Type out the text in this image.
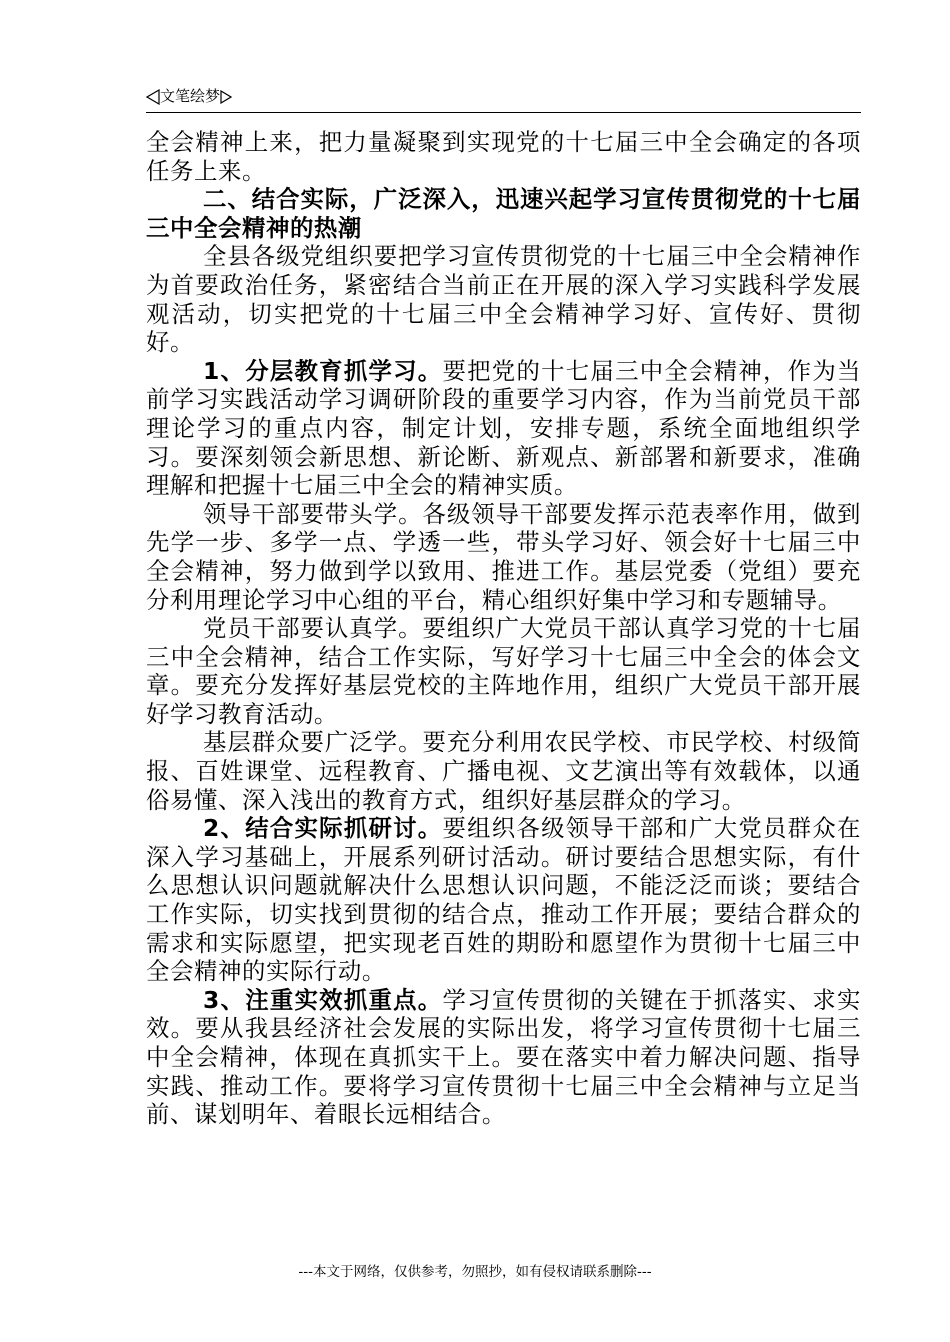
文笔绘梦

全会精神上来，把力量凝聚到实现党的十七届三中全会确定的各项任务上来。

二、结合实际，广泛深入，迅速兴起学习宣传贯彻党的十七届三中全会精神的热潮

全县各级党组织要把学习宣传贯彻党的十七届三中全会精神作为首要政治任务，紧密结合当前正在开展的深入学习实践科学发展观活动，切实把党的十七届三中全会精神学习好、宣传好、贯彻好。

1、分层教育抓学习。要把党的十七届三中全会精神，作为当前学习实践活动学习调研阶段的重要学习内容，作为当前党员干部理论学习的重点内容，制定计划，安排专题，系统全面地组织学习。要深刻领会新思想、新论断、新观点、新部署和新要求，准确理解和把握十七届三中全会的精神实质。

领导干部要带头学。各级领导干部要发挥示范表率作用，做到先学一步、多学一点、学透一些，带头学习好、领会好十七届三中全会精神，努力做到学以致用、推进工作。基层党委（党组）要充分利用理论学习中心组的平台，精心组织好集中学习和专题辅导。

党员干部要认真学。要组织广大党员干部认真学习党的十七届三中全会精神，结合工作实际，写好学习十七届三中全会的体会文章。要充分发挥好基层党校的主阵地作用，组织广大党员干部开展好学习教育活动。

基层群众要广泛学。要充分利用农民学校、市民学校、村级简报、百姓课堂、远程教育、广播电视、文艺演出等有效载体，以通俗易懂、深入浅出的教育方式，组织好基层群众的学习。

2、结合实际抓研讨。要组织各级领导干部和广大党员群众在深入学习基础上，开展系列研讨活动。研讨要结合思想实际，有什么思想认识问题就解决什么思想认识问题，不能泛泛而谈；要结合工作实际，切实找到贯彻的结合点，推动工作开展；要结合群众的需求和实际愿望，把实现老百姓的期盼和愿望作为贯彻十七届三中全会精神的实际行动。

3、注重实效抓重点。学习宣传贯彻的关键在于抓落实、求实效。要从我县经济社会发展的实际出发，将学习宣传贯彻十七届三中全会精神，体现在真抓实干上。要在落实中着力解决问题、指导实践、推动工作。要将学习宣传贯彻十七届三中全会精神与立足当前、谋划明年、着眼长远相结合。

---本文于网络，仅供参考，勿照抄，如有侵权请联系删除---
